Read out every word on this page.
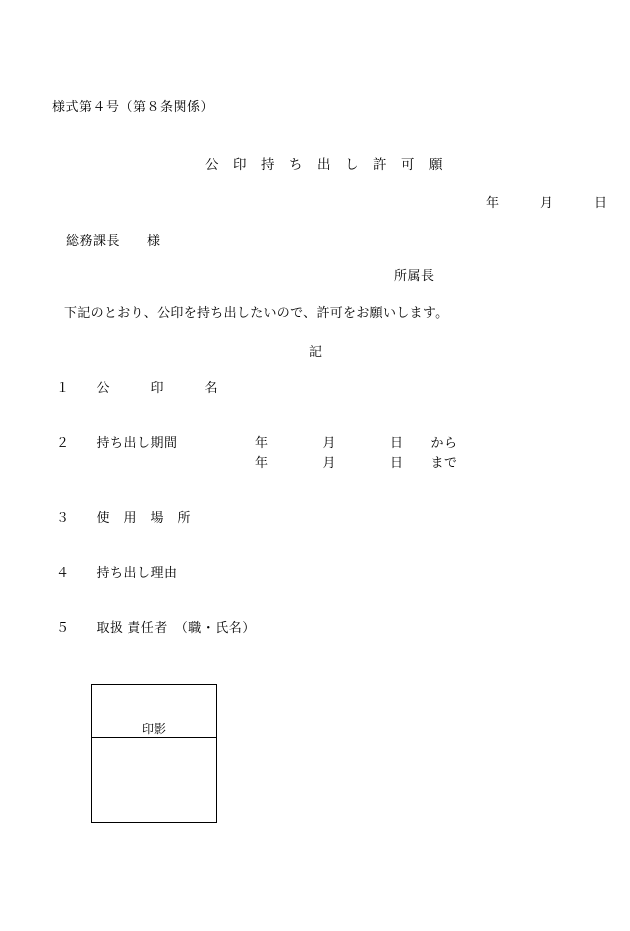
様式第４号（第８条関係）
公　印　持　ち　出　し　許　可　願
年　　　月　　　日
総務課長　　様
所属長
下記のとおり、公印を持ち出したいので、許可をお願いします。
記
１　　公　　　印　　　名
２　　持ち出し期間	年　　　　月　　　　日　　から
年　　　　月　　　　日　　まで
３　　使　用　場　所
４　　持ち出し理由
５　　取扱 責任者　（職・氏名）

印影
